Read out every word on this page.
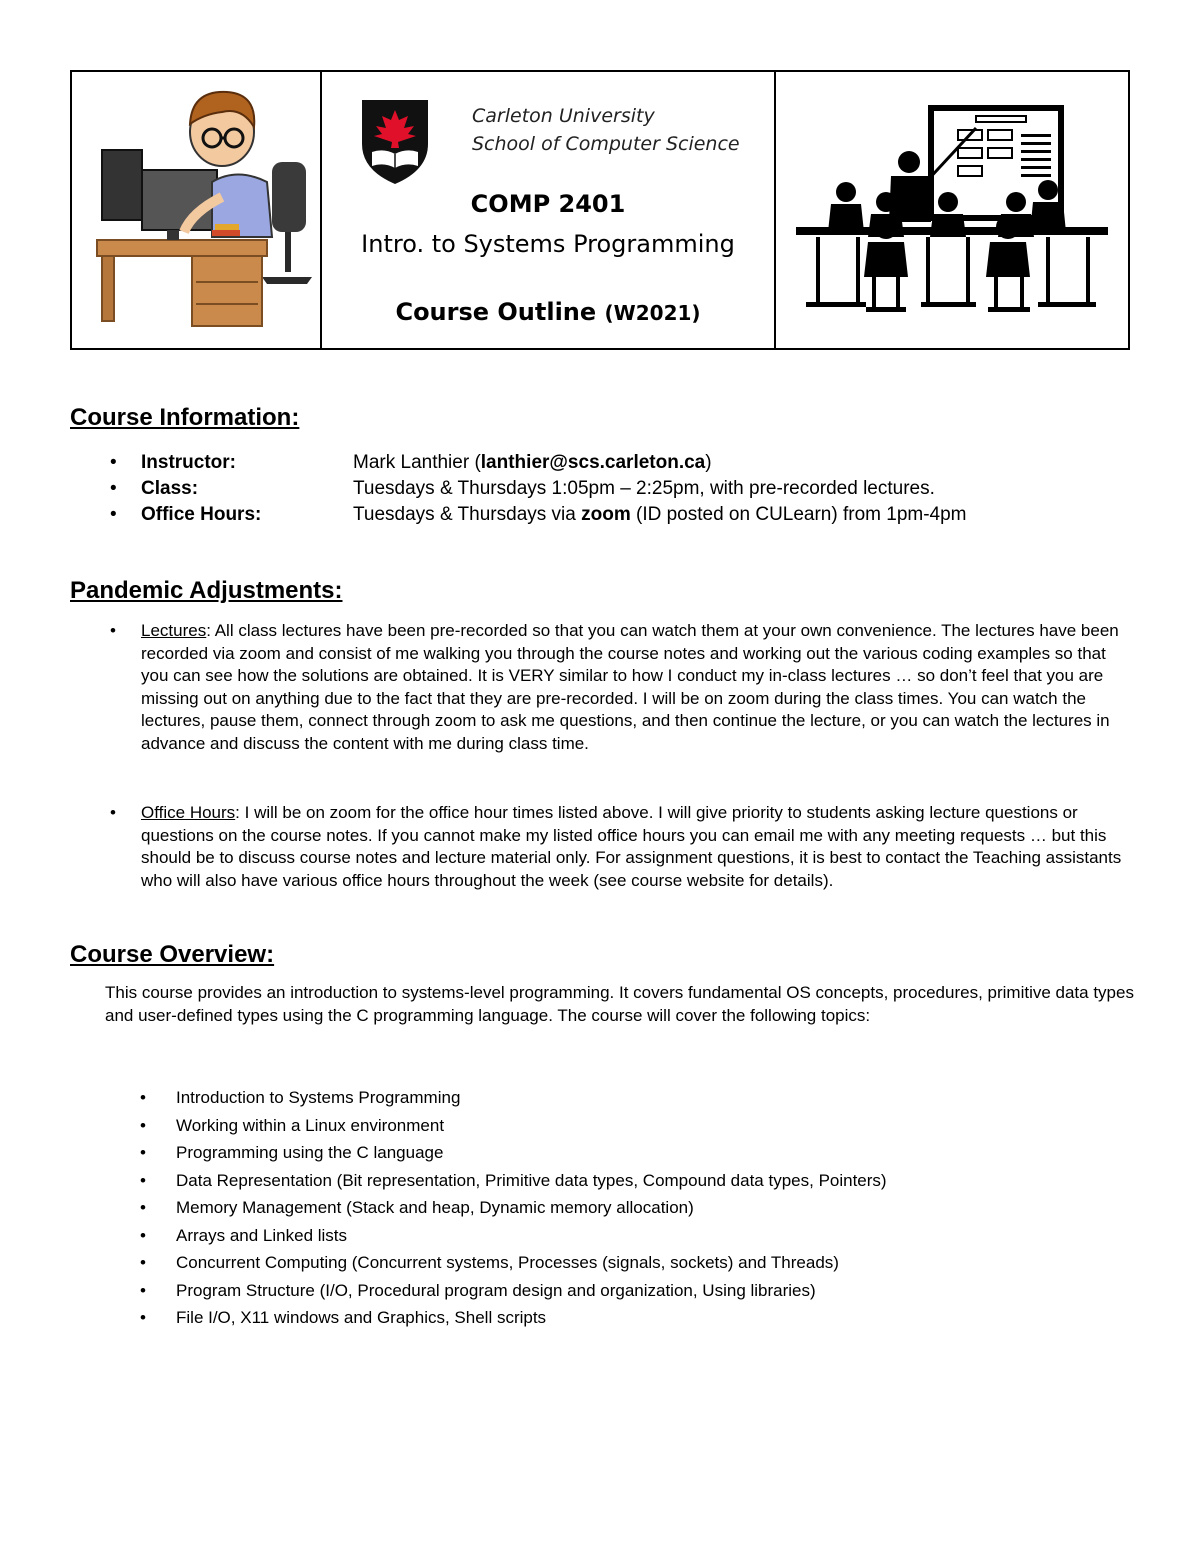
Carleton University
School of Computer Science
COMP 2401
Intro. to Systems Programming
Course Outline (W2021)
Course Information:
•	Instructor:	Mark Lanthier (lanthier@scs.carleton.ca)
•	Class:	Tuesdays & Thursdays 1:05pm – 2:25pm, with pre-recorded lectures.
•	Office Hours:	Tuesdays & Thursdays via zoom (ID posted on CULearn) from 1pm-4pm
Pandemic Adjustments:
•	Lectures: All class lectures have been pre-recorded so that you can watch them at your own convenience. The lectures have been recorded via zoom and consist of me walking you through the course notes and working out the various coding examples so that you can see how the solutions are obtained. It is VERY similar to how I conduct my in-class lectures … so don’t feel that you are missing out on anything due to the fact that they are pre-recorded. I will be on zoom during the class times. You can watch the lectures, pause them, connect through zoom to ask me questions, and then continue the lecture, or you can watch the lectures in advance and discuss the content with me during class time.
•	Office Hours: I will be on zoom for the office hour times listed above. I will give priority to students asking lecture questions or questions on the course notes. If you cannot make my listed office hours you can email me with any meeting requests … but this should be to discuss course notes and lecture material only. For assignment questions, it is best to contact the Teaching assistants who will also have various office hours throughout the week (see course website for details).
Course Overview:
This course provides an introduction to systems-level programming. It covers fundamental OS concepts, procedures, primitive data types and user-defined types using the C programming language. The course will cover the following topics:
•	Introduction to Systems Programming
•	Working within a Linux environment
•	Programming using the C language
•	Data Representation (Bit representation, Primitive data types, Compound data types, Pointers)
•	Memory Management (Stack and heap, Dynamic memory allocation)
•	Arrays and Linked lists
•	Concurrent Computing (Concurrent systems, Processes (signals, sockets) and Threads)
•	Program Structure (I/O, Procedural program design and organization, Using libraries)
•	File I/O, X11 windows and Graphics, Shell scripts
